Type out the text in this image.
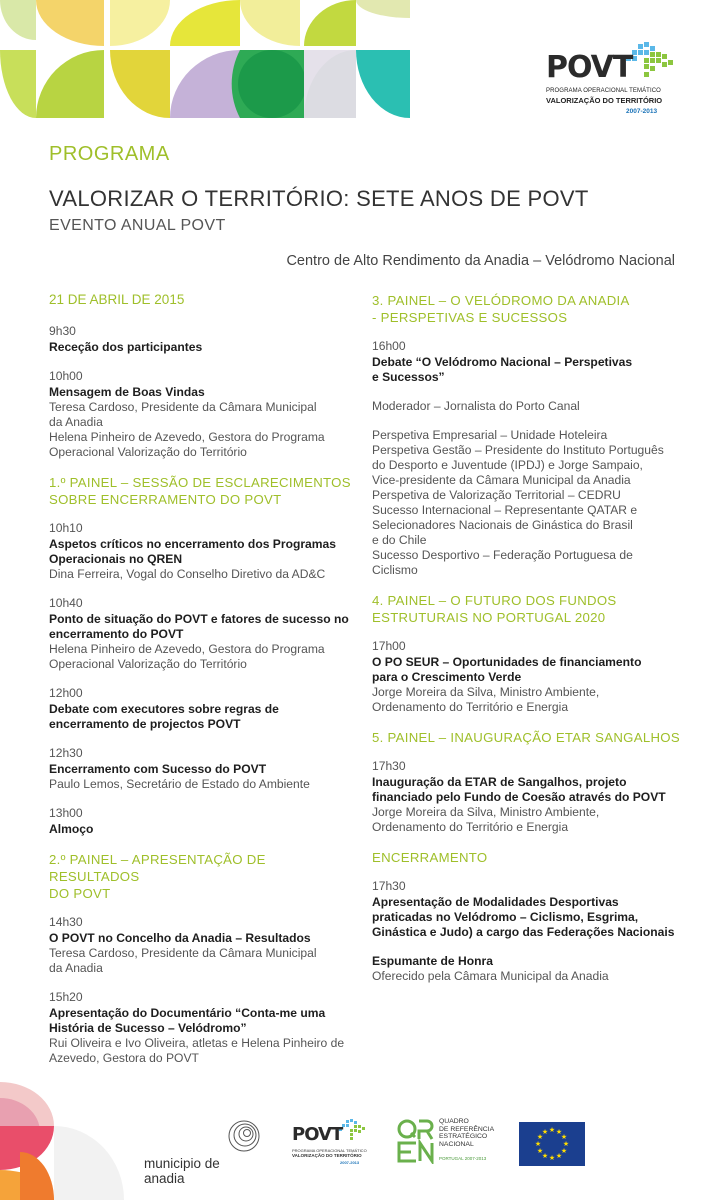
POVT
PROGRAMA OPERACIONAL TEMÁTICO
VALORIZAÇÃO DO TERRITÓRIO
2007-2013
PROGRAMA
VALORIZAR O TERRITÓRIO: SETE ANOS DE POVT
EVENTO ANUAL POVT
Centro de Alto Rendimento da Anadia – Velódromo Nacional
21 DE ABRIL DE 2015
9h30
Receção dos participantes
10h00
Mensagem de Boas Vindas
Teresa Cardoso, Presidente da Câmara Municipal
da Anadia
Helena Pinheiro de Azevedo, Gestora do Programa
Operacional Valorização do Território
1.º PAINEL – SESSÃO DE ESCLARECIMENTOS
SOBRE ENCERRAMENTO DO POVT
10h10
Aspetos críticos no encerramento dos Programas
Operacionais no QREN
Dina Ferreira, Vogal do Conselho Diretivo da AD&C
10h40
Ponto de situação do POVT e fatores de sucesso no
encerramento do POVT
Helena Pinheiro de Azevedo, Gestora do Programa
Operacional Valorização do Território
12h00
Debate com executores sobre regras de
encerramento de projectos POVT
12h30
Encerramento com Sucesso do POVT
Paulo Lemos, Secretário de Estado do Ambiente
13h00
Almoço
2.º PAINEL – APRESENTAÇÃO DE RESULTADOS
DO POVT
14h30
O POVT no Concelho da Anadia – Resultados
Teresa Cardoso, Presidente da Câmara Municipal
da Anadia
15h20
Apresentação do Documentário “Conta-me uma
História de Sucesso – Velódromo”
Rui Oliveira e Ivo Oliveira, atletas e Helena Pinheiro de
Azevedo, Gestora do POVT
3. PAINEL – O VELÓDROMO DA ANADIA
- PERSPETIVAS E SUCESSOS
16h00
Debate “O Velódromo Nacional – Perspetivas
e Sucessos”
Moderador – Jornalista do Porto Canal
Perspetiva Empresarial – Unidade Hoteleira
Perspetiva Gestão – Presidente do Instituto Português
do Desporto e Juventude (IPDJ) e Jorge Sampaio,
Vice-presidente da Câmara Municipal da Anadia
Perspetiva de Valorização Territorial – CEDRU
Sucesso Internacional – Representante QATAR e
Selecionadores Nacionais de Ginástica do Brasil
e do Chile
Sucesso Desportivo – Federação Portuguesa de
Ciclismo
4. PAINEL – O FUTURO DOS FUNDOS
ESTRUTURAIS NO PORTUGAL 2020
17h00
O PO SEUR – Oportunidades de financiamento
para o Crescimento Verde
Jorge Moreira da Silva, Ministro Ambiente,
Ordenamento do Território e Energia
5. PAINEL – INAUGURAÇÃO ETAR SANGALHOS
17h30
Inauguração da ETAR de Sangalhos, projeto
financiado pelo Fundo de Coesão através do POVT
Jorge Moreira da Silva, Ministro Ambiente,
Ordenamento do Território e Energia
ENCERRAMENTO
17h30
Apresentação de Modalidades Desportivas
praticadas no Velódromo – Ciclismo, Esgrima,
Ginástica e Judo) a cargo das Federações Nacionais
Espumante de Honra
Oferecido pela Câmara Municipal da Anadia
municipio de anadia
POVT
PROGRAMA OPERACIONAL TEMÁTICO
VALORIZAÇÃO DO TERRITÓRIO
2007-2013
QUADRO
DE REFERÊNCIA
ESTRATÉGICO
NACIONAL
PORTUGAL 2007-2013
★ ★
★
★
★
★
★
★
★
★
★
★
